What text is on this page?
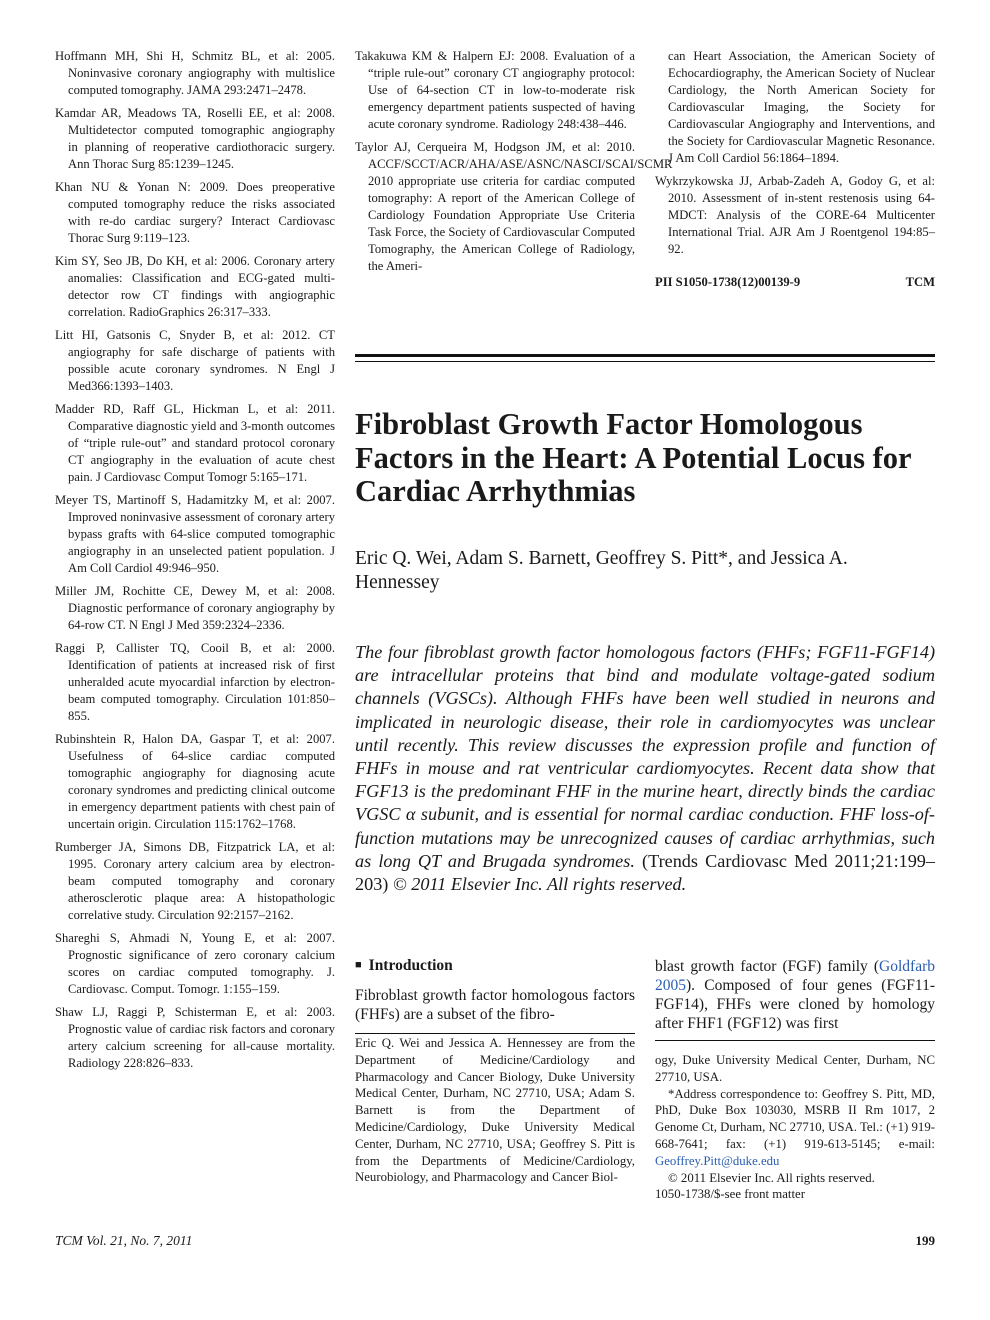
Hoffmann MH, Shi H, Schmitz BL, et al: 2005. Noninvasive coronary angiography with multislice computed tomography. JAMA 293:2471–2478.

Kamdar AR, Meadows TA, Roselli EE, et al: 2008. Multidetector computed tomographic angiography in planning of reoperative cardiothoracic surgery. Ann Thorac Surg 85:1239–1245.

Khan NU & Yonan N: 2009. Does preoperative computed tomography reduce the risks associated with re-do cardiac surgery? Interact Cardiovasc Thorac Surg 9:119–123.

Kim SY, Seo JB, Do KH, et al: 2006. Coronary artery anomalies: Classification and ECG-gated multi-detector row CT findings with angiographic correlation. RadioGraphics 26:317–333.

Litt HI, Gatsonis C, Snyder B, et al: 2012. CT angiography for safe discharge of patients with possible acute coronary syndromes. N Engl J Med366:1393–1403.

Madder RD, Raff GL, Hickman L, et al: 2011. Comparative diagnostic yield and 3-month outcomes of “triple rule-out” and standard protocol coronary CT angiography in the evaluation of acute chest pain. J Cardiovasc Comput Tomogr 5:165–171.

Meyer TS, Martinoff S, Hadamitzky M, et al: 2007. Improved noninvasive assessment of coronary artery bypass grafts with 64-slice computed tomographic angiography in an unselected patient population. J Am Coll Cardiol 49:946–950.

Miller JM, Rochitte CE, Dewey M, et al: 2008. Diagnostic performance of coronary angiography by 64-row CT. N Engl J Med 359:2324–2336.

Raggi P, Callister TQ, Cooil B, et al: 2000. Identification of patients at increased risk of first unheralded acute myocardial infarction by electron-beam computed tomography. Circulation 101:850–855.

Rubinshtein R, Halon DA, Gaspar T, et al: 2007. Usefulness of 64-slice cardiac computed tomographic angiography for diagnosing acute coronary syndromes and predicting clinical outcome in emergency department patients with chest pain of uncertain origin. Circulation 115:1762–1768.

Rumberger JA, Simons DB, Fitzpatrick LA, et al: 1995. Coronary artery calcium area by electron-beam computed tomography and coronary atherosclerotic plaque area: A histopathologic correlative study. Circulation 92:2157–2162.

Shareghi S, Ahmadi N, Young E, et al: 2007. Prognostic significance of zero coronary calcium scores on cardiac computed tomography. J. Cardiovasc. Comput. Tomogr. 1:155–159.

Shaw LJ, Raggi P, Schisterman E, et al: 2003. Prognostic value of cardiac risk factors and coronary artery calcium screening for all-cause mortality. Radiology 228:826–833.

Takakuwa KM & Halpern EJ: 2008. Evaluation of a “triple rule-out” coronary CT angiography protocol: Use of 64-section CT in low-to-moderate risk emergency department patients suspected of having acute coronary syndrome. Radiology 248:438–446.

Taylor AJ, Cerqueira M, Hodgson JM, et al: 2010. ACCF/SCCT/ACR/AHA/ASE/ASNC/NASCI/SCAI/SCMR 2010 appropriate use criteria for cardiac computed tomography: A report of the American College of Cardiology Foundation Appropriate Use Criteria Task Force, the Society of Cardiovascular Computed Tomography, the American College of Radiology, the Ameri-

can Heart Association, the American Society of Echocardiography, the American Society of Nuclear Cardiology, the North American Society for Cardiovascular Imaging, the Society for Cardiovascular Angiography and Interventions, and the Society for Cardiovascular Magnetic Resonance. J Am Coll Cardiol 56:1864–1894.

Wykrzykowska JJ, Arbab-Zadeh A, Godoy G, et al: 2010. Assessment of in-stent restenosis using 64-MDCT: Analysis of the CORE-64 Multicenter International Trial. AJR Am J Roentgenol 194:85–92.

PII S1050-1738(12)00139-9	TCM
Fibroblast Growth Factor Homologous Factors in the Heart: A Potential Locus for Cardiac Arrhythmias

Eric Q. Wei, Adam S. Barnett, Geoffrey S. Pitt*, and Jessica A. Hennessey

The four fibroblast growth factor homologous factors (FHFs; FGF11-FGF14) are intracellular proteins that bind and modulate voltage-gated sodium channels (VGSCs). Although FHFs have been well studied in neurons and implicated in neurologic disease, their role in cardiomyocytes was unclear until recently. This review discusses the expression profile and function of FHFs in mouse and rat ventricular cardiomyocytes. Recent data show that FGF13 is the predominant FHF in the murine heart, directly binds the cardiac VGSC α subunit, and is essential for normal cardiac conduction. FHF loss-of-function mutations may be unrecognized causes of cardiac arrhythmias, such as long QT and Brugada syndromes. (Trends Cardiovasc Med 2011;21:199–203) © 2011 Elsevier Inc. All rights reserved.

■ Introduction

Fibroblast growth factor homologous factors (FHFs) are a subset of the fibro-

blast growth factor (FGF) family (Goldfarb 2005). Composed of four genes (FGF11-FGF14), FHFs were cloned by homology after FHF1 (FGF12) was first

Eric Q. Wei and Jessica A. Hennessey are from the Department of Medicine/Cardiology and Pharmacology and Cancer Biology, Duke University Medical Center, Durham, NC 27710, USA; Adam S. Barnett is from the Department of Medicine/Cardiology, Duke University Medical Center, Durham, NC 27710, USA; Geoffrey S. Pitt is from the Departments of Medicine/Cardiology, Neurobiology, and Pharmacology and Cancer Biol-

ogy, Duke University Medical Center, Durham, NC 27710, USA.

*Address correspondence to: Geoffrey S. Pitt, MD, PhD, Duke Box 103030, MSRB II Rm 1017, 2 Genome Ct, Durham, NC 27710, USA. Tel.: (+1) 919-668-7641; fax: (+1) 919-613-5145; e-mail: Geoffrey.Pitt@duke.edu

© 2011 Elsevier Inc. All rights reserved.

1050-1738/$-see front matter

TCM Vol. 21, No. 7, 2011	199
